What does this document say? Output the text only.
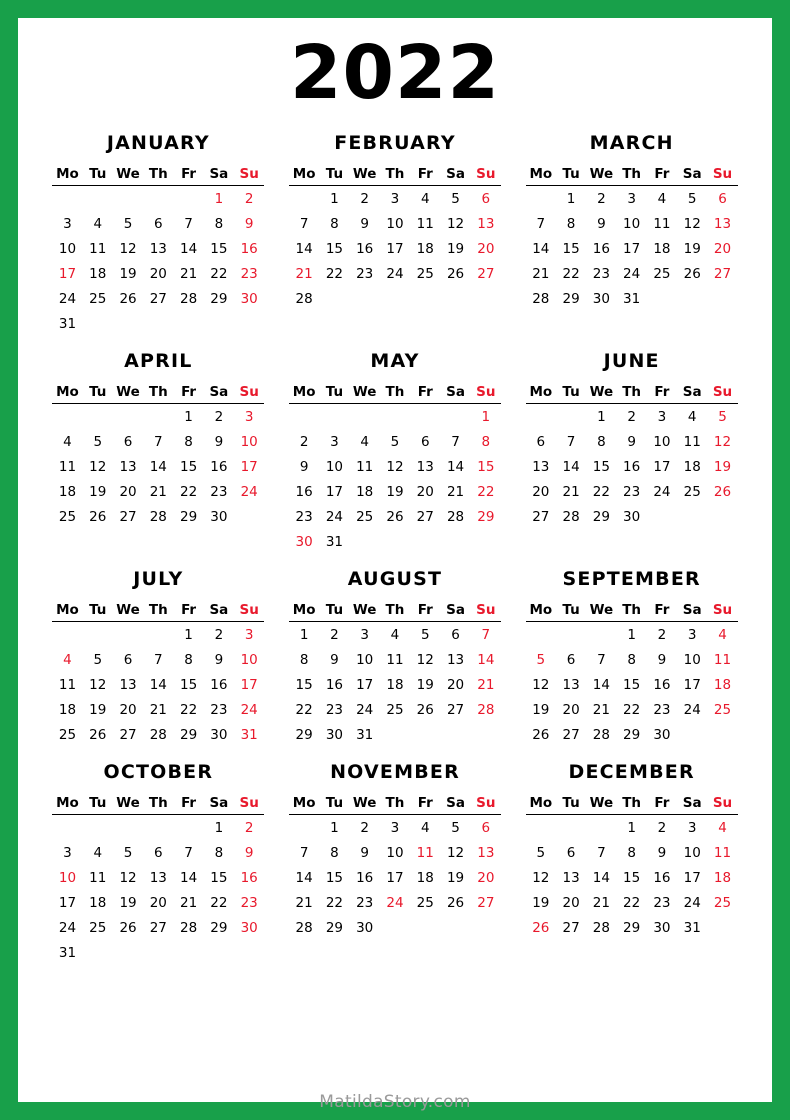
2022
JANUARY
Mo	Tu	We	Th	Fr	Sa	Su
					1	2
3	4	5	6	7	8	9
10	11	12	13	14	15	16
17	18	19	20	21	22	23
24	25	26	27	28	29	30
31						
FEBRUARY
Mo	Tu	We	Th	Fr	Sa	Su
	1	2	3	4	5	6
7	8	9	10	11	12	13
14	15	16	17	18	19	20
21	22	23	24	25	26	27
28						
MARCH
Mo	Tu	We	Th	Fr	Sa	Su
	1	2	3	4	5	6
7	8	9	10	11	12	13
14	15	16	17	18	19	20
21	22	23	24	25	26	27
28	29	30	31			
APRIL
Mo	Tu	We	Th	Fr	Sa	Su
				1	2	3
4	5	6	7	8	9	10
11	12	13	14	15	16	17
18	19	20	21	22	23	24
25	26	27	28	29	30	
MAY
Mo	Tu	We	Th	Fr	Sa	Su
						1
2	3	4	5	6	7	8
9	10	11	12	13	14	15
16	17	18	19	20	21	22
23	24	25	26	27	28	29
30	31					
JUNE
Mo	Tu	We	Th	Fr	Sa	Su
		1	2	3	4	5
6	7	8	9	10	11	12
13	14	15	16	17	18	19
20	21	22	23	24	25	26
27	28	29	30			
JULY
Mo	Tu	We	Th	Fr	Sa	Su
				1	2	3
4	5	6	7	8	9	10
11	12	13	14	15	16	17
18	19	20	21	22	23	24
25	26	27	28	29	30	31
AUGUST
Mo	Tu	We	Th	Fr	Sa	Su
1	2	3	4	5	6	7
8	9	10	11	12	13	14
15	16	17	18	19	20	21
22	23	24	25	26	27	28
29	30	31				
SEPTEMBER
Mo	Tu	We	Th	Fr	Sa	Su
			1	2	3	4
5	6	7	8	9	10	11
12	13	14	15	16	17	18
19	20	21	22	23	24	25
26	27	28	29	30		
OCTOBER
Mo	Tu	We	Th	Fr	Sa	Su
					1	2
3	4	5	6	7	8	9
10	11	12	13	14	15	16
17	18	19	20	21	22	23
24	25	26	27	28	29	30
31						
NOVEMBER
Mo	Tu	We	Th	Fr	Sa	Su
	1	2	3	4	5	6
7	8	9	10	11	12	13
14	15	16	17	18	19	20
21	22	23	24	25	26	27
28	29	30				
DECEMBER
Mo	Tu	We	Th	Fr	Sa	Su
			1	2	3	4
5	6	7	8	9	10	11
12	13	14	15	16	17	18
19	20	21	22	23	24	25
26	27	28	29	30	31	
MatildaStory.com
